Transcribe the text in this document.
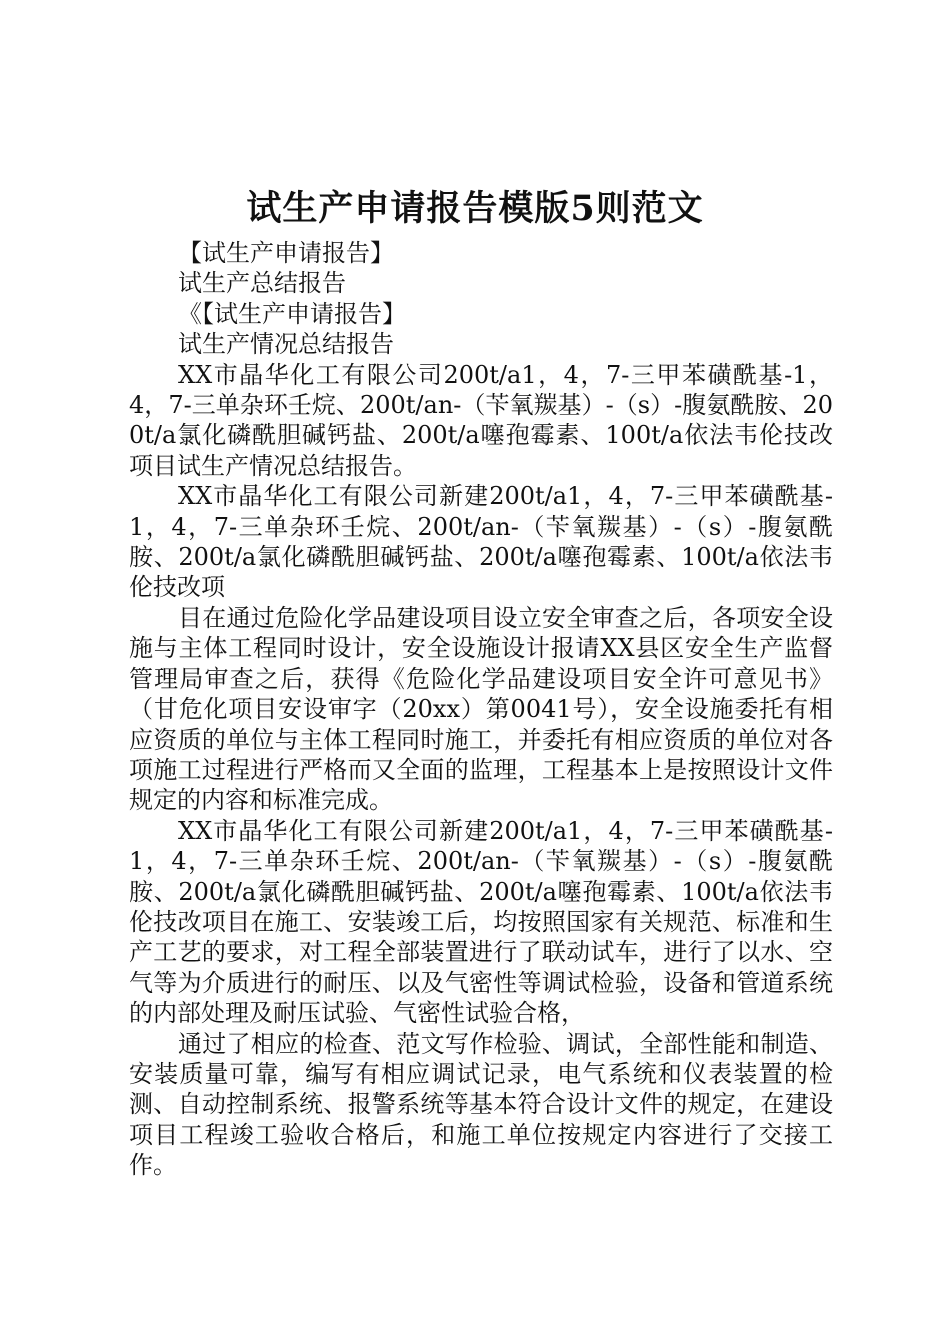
试生产申请报告模版5则范文

【试生产申请报告】

试生产总结报告

《【试生产申请报告】

试生产情况总结报告

XX市晶华化工有限公司200t/a1，4，7-三甲苯磺酰基-1，4，7-三单杂环壬烷、200t/an-（苄氧羰基）-（s）-腹氨酰胺、200t/a氯化磷酰胆碱钙盐、200t/a噻孢霉素、100t/a依法韦伦技改项目试生产情况总结报告。

XX市晶华化工有限公司新建200t/a1，4，7-三甲苯磺酰基-1，4，7-三单杂环壬烷、200t/an-（苄氧羰基）-（s）-腹氨酰胺、200t/a氯化磷酰胆碱钙盐、200t/a噻孢霉素、100t/a依法韦伦技改项

目在通过危险化学品建设项目设立安全审查之后，各项安全设施与主体工程同时设计，安全设施设计报请XX县区安全生产监督管理局审查之后，获得《危险化学品建设项目安全许可意见书》（甘危化项目安设审字（20xx）第0041号），安全设施委托有相应资质的单位与主体工程同时施工，并委托有相应资质的单位对各项施工过程进行严格而又全面的监理，工程基本上是按照设计文件规定的内容和标准完成。

XX市晶华化工有限公司新建200t/a1，4，7-三甲苯磺酰基-1，4，7-三单杂环壬烷、200t/an-（苄氧羰基）-（s）-腹氨酰胺、200t/a氯化磷酰胆碱钙盐、200t/a噻孢霉素、100t/a依法韦伦技改项目在施工、安装竣工后，均按照国家有关规范、标准和生产工艺的要求，对工程全部装置进行了联动试车，进行了以水、空气等为介质进行的耐压、以及气密性等调试检验，设备和管道系统的内部处理及耐压试验、气密性试验合格，

通过了相应的检查、范文写作检验、调试，全部性能和制造、安装质量可靠，编写有相应调试记录，电气系统和仪表装置的检测、自动控制系统、报警系统等基本符合设计文件的规定，在建设项目工程竣工验收合格后，和施工单位按规定内容进行了交接工作。
